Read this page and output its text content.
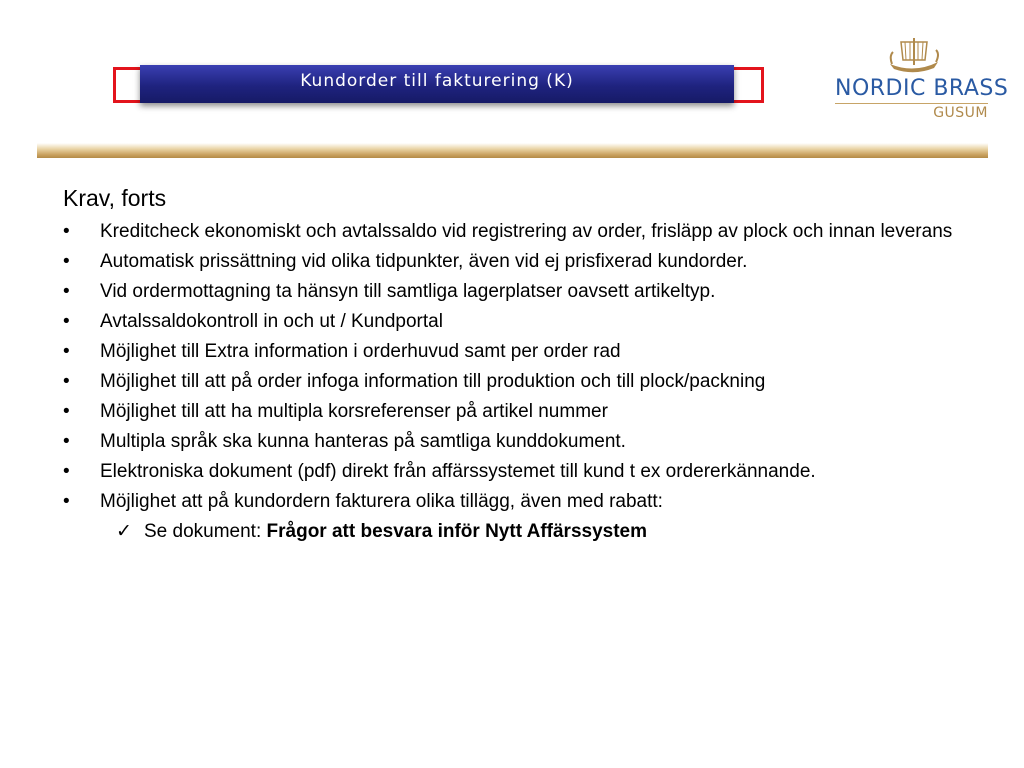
Kundorder till fakturering (K)	NORDIC BRASS
GUSUM
Krav, forts
• Kreditcheck ekonomiskt och avtalssaldo vid registrering av order, frisläpp av plock och innan leverans
• Automatisk prissättning vid olika tidpunkter, även vid ej prisfixerad kundorder.
• Vid ordermottagning ta hänsyn till samtliga lagerplatser oavsett artikeltyp.
• Avtalssaldokontroll in och ut / Kundportal
• Möjlighet till Extra information i orderhuvud samt per order rad
• Möjlighet till att på order infoga information till produktion och till plock/packning
• Möjlighet till att ha multipla korsreferenser på artikel nummer
• Multipla språk ska kunna hanteras på samtliga kunddokument.
• Elektroniska dokument (pdf) direkt från affärssystemet till kund t ex ordererkännande.
• Möjlighet att på kundordern fakturera olika tillägg, även med rabatt:
✓ Se dokument: Frågor att besvara inför Nytt Affärssystem
